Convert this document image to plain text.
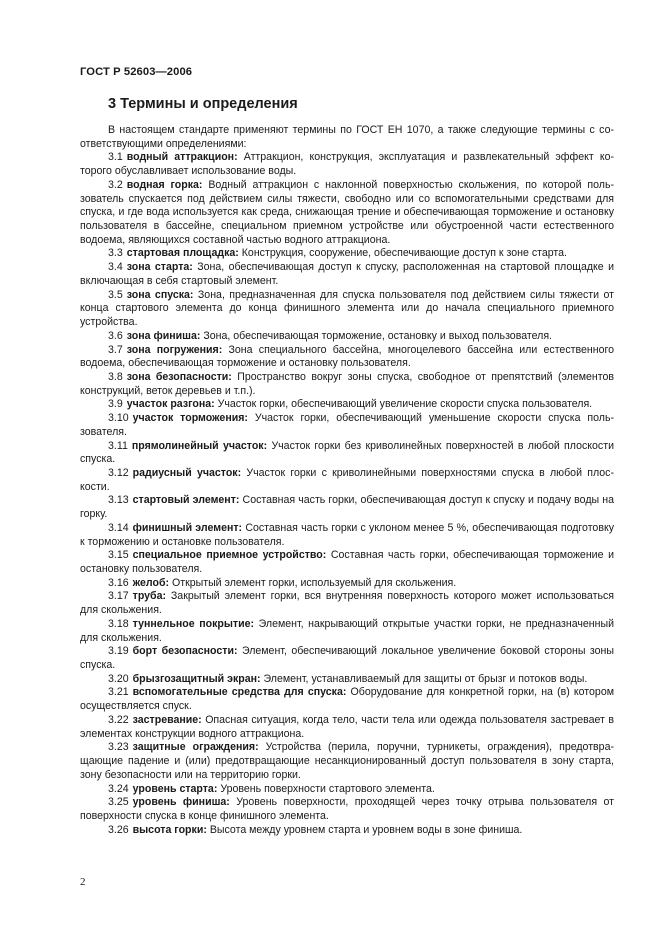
ГОСТ Р 52603—2006
3 Термины и определения

В настоящем стандарте применяют термины по ГОСТ ЕН 1070, а также следующие термины с соответствующими определениями:

3.1 водный аттракцион: Аттракцион, конструкция, эксплуатация и развлекательный эффект которого обуславливает использование воды.

3.2 водная горка: Водный аттракцион с наклонной поверхностью скольжения, по которой пользователь спускается под действием силы тяжести, свободно или со вспомогательными средствами для спуска, и где вода используется как среда, снижающая трение и обеспечивающая торможение и остановку пользователя в бассейне, специальном приемном устройстве или обустроенной части естественного водоема, являющихся составной частью водного аттракциона.

3.3 стартовая площадка: Конструкция, сооружение, обеспечивающие доступ к зоне старта.

3.4 зона старта: Зона, обеспечивающая доступ к спуску, расположенная на стартовой площадке и включающая в себя стартовый элемент.

3.5 зона спуска: Зона, предназначенная для спуска пользователя под действием силы тяжести от конца стартового элемента до конца финишного элемента или до начала специального приемного устройства.

3.6 зона финиша: Зона, обеспечивающая торможение, остановку и выход пользователя.

3.7 зона погружения: Зона специального бассейна, многоцелевого бассейна или естественного водоема, обеспечивающая торможение и остановку пользователя.

3.8 зона безопасности: Пространство вокруг зоны спуска, свободное от препятствий (элементов конструкций, веток деревьев и т.п.).

3.9 участок разгона: Участок горки, обеспечивающий увеличение скорости спуска пользователя.

3.10 участок торможения: Участок горки, обеспечивающий уменьшение скорости спуска пользователя.

3.11 прямолинейный участок: Участок горки без криволинейных поверхностей в любой плоскости спуска.

3.12 радиусный участок: Участок горки с криволинейными поверхностями спуска в любой плоскости.

3.13 стартовый элемент: Составная часть горки, обеспечивающая доступ к спуску и подачу воды на горку.

3.14 финишный элемент: Составная часть горки с уклоном менее 5 %, обеспечивающая подготовку к торможению и остановке пользователя.

3.15 специальное приемное устройство: Составная часть горки, обеспечивающая торможение и остановку пользователя.

3.16 желоб: Открытый элемент горки, используемый для скольжения.

3.17 труба: Закрытый элемент горки, вся внутренняя поверхность которого может использоваться для скольжения.

3.18 туннельное покрытие: Элемент, накрывающий открытые участки горки, не предназначенный для скольжения.

3.19 борт безопасности: Элемент, обеспечивающий локальное увеличение боковой стороны зоны спуска.

3.20 брызгозащитный экран: Элемент, устанавливаемый для защиты от брызг и потоков воды.

3.21 вспомогательные средства для спуска: Оборудование для конкретной горки, на (в) котором осуществляется спуск.

3.22 застревание: Опасная ситуация, когда тело, части тела или одежда пользователя застревает в элементах конструкции водного аттракциона.

3.23 защитные ограждения: Устройства (перила, поручни, турникеты, ограждения), предотвращающие падение и (или) предотвращающие несанкционированный доступ пользователя в зону старта, зону безопасности или на территорию горки.

3.24 уровень старта: Уровень поверхности стартового элемента.

3.25 уровень финиша: Уровень поверхности, проходящей через точку отрыва пользователя от поверхности спуска в конце финишного элемента.

3.26 высота горки: Высота между уровнем старта и уровнем воды в зоне финиша.

2
